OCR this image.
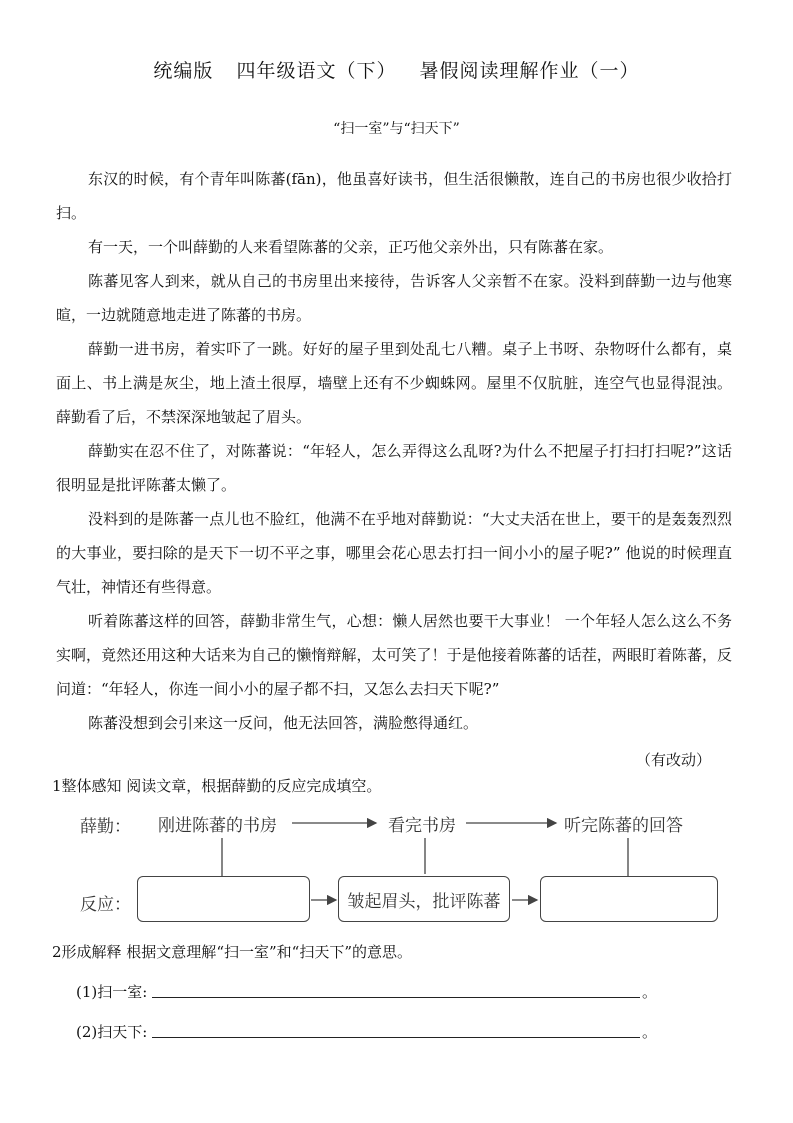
统编版 四年级语文（下） 暑假阅读理解作业（一）
“扫一室”与“扫天下”

东汉的时候，有个青年叫陈蕃(fān)，他虽喜好读书，但生活很懒散，连自己的书房也很少收拾打扫。

有一天，一个叫薛勤的人来看望陈蕃的父亲，正巧他父亲外出，只有陈蕃在家。

陈蕃见客人到来，就从自己的书房里出来接待，告诉客人父亲暂不在家。没料到薛勤一边与他寒暄，一边就随意地走进了陈蕃的书房。

薛勤一进书房，着实吓了一跳。好好的屋子里到处乱七八糟。桌子上书呀、杂物呀什么都有，桌面上、书上满是灰尘，地上渣土很厚，墙壁上还有不少蜘蛛网。屋里不仅肮脏，连空气也显得混浊。 薛勤看了后，不禁深深地皱起了眉头。

薛勤实在忍不住了，对陈蕃说：“年轻人，怎么弄得这么乱呀?为什么不把屋子打扫打扫呢?”这话很明显是批评陈蕃太懒了。

没料到的是陈蕃一点儿也不脸红，他满不在乎地对薛勤说：“大丈夫活在世上，要干的是轰轰烈烈的大事业，要扫除的是天下一切不平之事，哪里会花心思去打扫一间小小的屋子呢?” 他说的时候理直气壮，神情还有些得意。

听着陈蕃这样的回答，薛勤非常生气，心想：懒人居然也要干大事业！ 一个年轻人怎么这么不务实啊，竟然还用这种大话来为自己的懒惰辩解，太可笑了！于是他接着陈蕃的话茬，两眼盯着陈蕃，反问道：“年轻人，你连一间小小的屋子都不扫，又怎么去扫天下呢?”

陈蕃没想到会引来这一反问，他无法回答，满脸憋得通红。

（有改动）
1整体感知 阅读文章，根据薛勤的反应完成填空。
薛勤：
反应：
刚进陈蕃的书房	看完书房	听完陈蕃的回答
皱起眉头，批评陈蕃
2形成解释 根据文意理解“扫一室”和“扫天下”的意思。
(1)扫一室:	。
(2)扫天下:	。
